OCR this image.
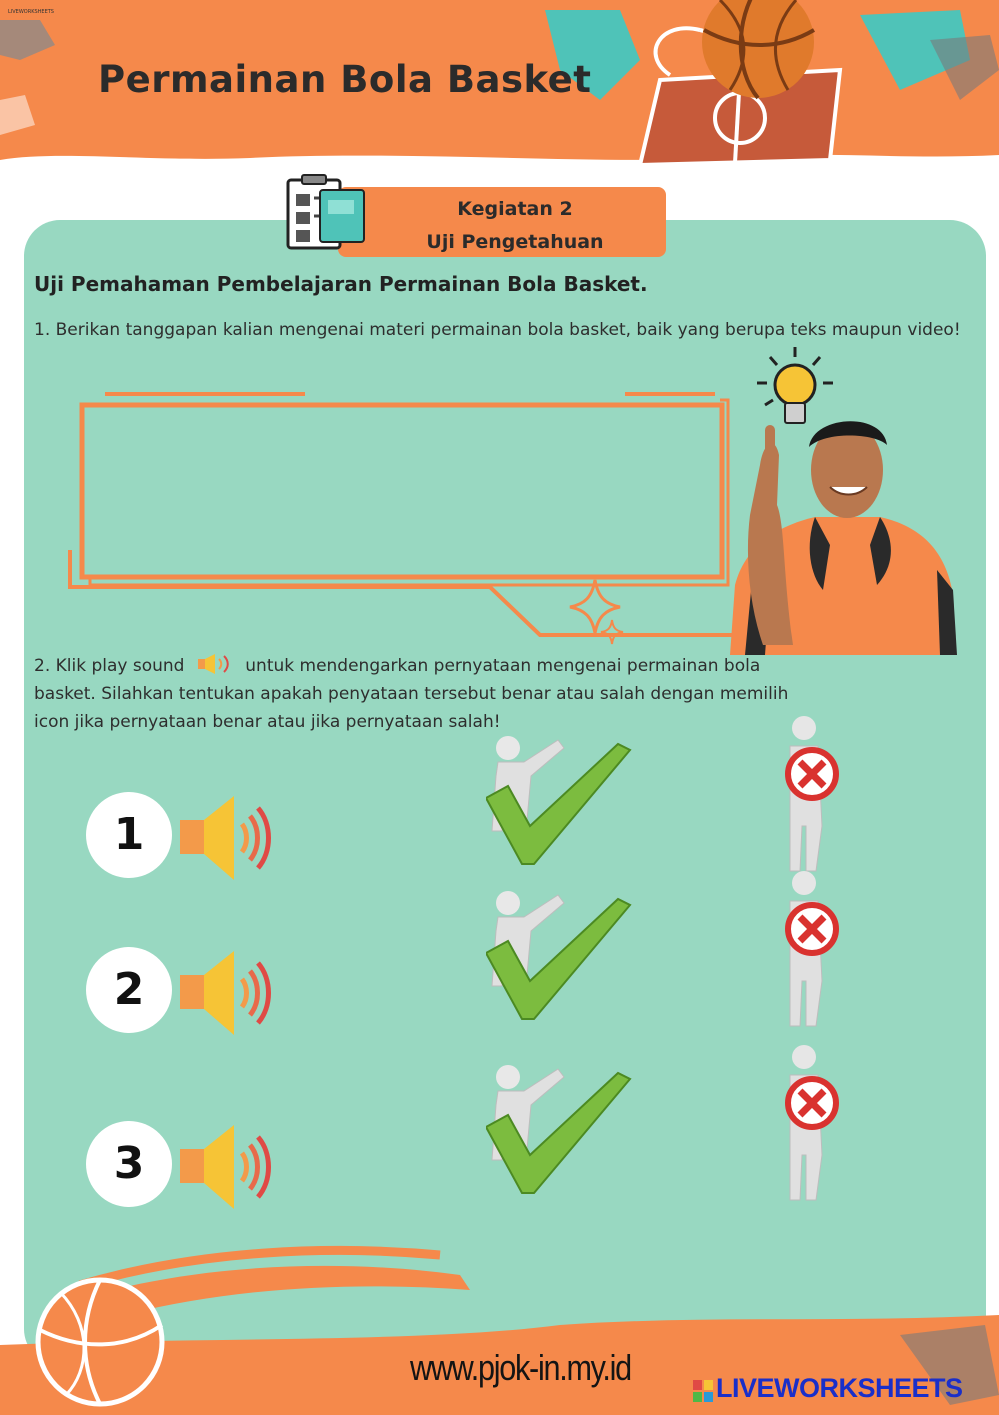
LIVEWORKSHEETS
Permainan Bola Basket
Kegiatan 2
Uji Pengetahuan
Uji Pemahaman Pembelajaran Permainan Bola Basket.
1. Berikan tanggapan kalian mengenai materi permainan bola basket, baik yang berupa teks maupun video!
2. Klik play sound	untuk mendengarkan pernyataan mengenai permainan bola basket. Silahkan tentukan apakah penyataan tersebut benar atau salah dengan memilih icon jika pernyataan benar atau jika pernyataan salah!
1
2
3
www.pjok-in.my.id	LIVEWORKSHEETS
